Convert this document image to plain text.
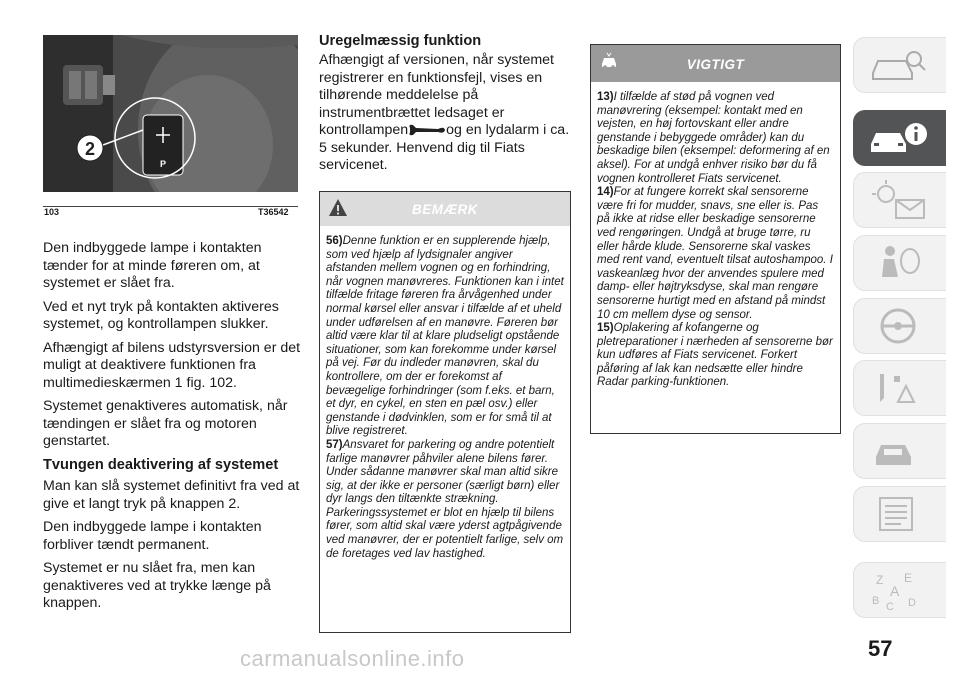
2
P
103	T36542

Den indbyggede lampe i kontakten tænder for at minde føreren om, at systemet er slået fra.

Ved et nyt tryk på kontakten aktiveres systemet, og kontrollampen slukker.

Afhængigt af bilens udstyrsversion er det muligt at deaktivere funktionen fra multimedieskærmen 1 fig. 102.

Systemet genaktiveres automatisk, når tændingen er slået fra og motoren genstartet.

Tvungen deaktivering af systemet

Man kan slå systemet definitivt fra ved at give et langt tryk på knappen 2.

Den indbyggede lampe i kontakten forbliver tændt permanent.

Systemet er nu slået fra, men kan genaktiveres ved at trykke længe på knappen.

Uregelmæssig funktion

Afhængigt af versionen, når systemet registrerer en funktionsfejl, vises en tilhørende meddelelse på instrumentbrættet ledsaget er kontrollampen	og en lydalarm i ca. 5 sekunder. Henvend dig til Fiats servicenet.

BEMÆRK

56)Denne funktion er en supplerende hjælp, som ved hjælp af lydsignaler angiver afstanden mellem vognen og en forhindring, når vognen manøvreres. Funktionen kan i intet tilfælde fritage føreren fra årvågenhed under normal kørsel eller ansvar i tilfælde af et uheld under udførelsen af en manøvre. Føreren bør altid være klar til at klare pludseligt opstående situationer, som kan forekomme under kørsel på vej. Før du indleder manøvren, skal du kontrollere, om der er forekomst af bevægelige forhindringer (som f.eks. et barn, et dyr, en cykel, en sten en pæl osv.) eller genstande i dødvinklen, som er for små til at blive registreret.

57)Ansvaret for parkering og andre potentielt farlige manøvrer påhviler alene bilens fører. Under sådanne manøvrer skal man altid sikre sig, at der ikke er personer (særligt børn) eller dyr langs den tiltænkte strækning. Parkeringssystemet er blot en hjælp til bilens fører, som altid skal være yderst agtpågivende ved manøvrer, der er potentielt farlige, selv om de foretages ved lav hastighed.

VIGTIGT

13)I tilfælde af stød på vognen ved manøvrering (eksempel: kontakt med en vejsten, en høj fortovskant eller andre genstande i bebyggede områder) kan du beskadige bilen (eksempel: deformering af en aksel). For at undgå enhver risiko bør du få vognen kontrolleret Fiats servicenet.

14)For at fungere korrekt skal sensorerne være fri for mudder, snavs, sne eller is. Pas på ikke at ridse eller beskadige sensorerne ved rengøringen. Undgå at bruge tørre, ru eller hårde klude. Sensorerne skal vaskes med rent vand, eventuelt tilsat autoshampoo. I vaskeanlæg hvor der anvendes spulere med damp- eller højtryksdyse, skal man rengøre sensorerne hurtigt med en afstand på mindst 10 cm mellem dyse og sensor.

15)Oplakering af kofangerne og pletreparationer i nærheden af sensorerne bør kun udføres af Fiats servicenet. Forkert påføring af lak kan nedsætte eller hindre Radar parking-funktionen.

Z E
A
B C D
57
carmanualsonline.info
